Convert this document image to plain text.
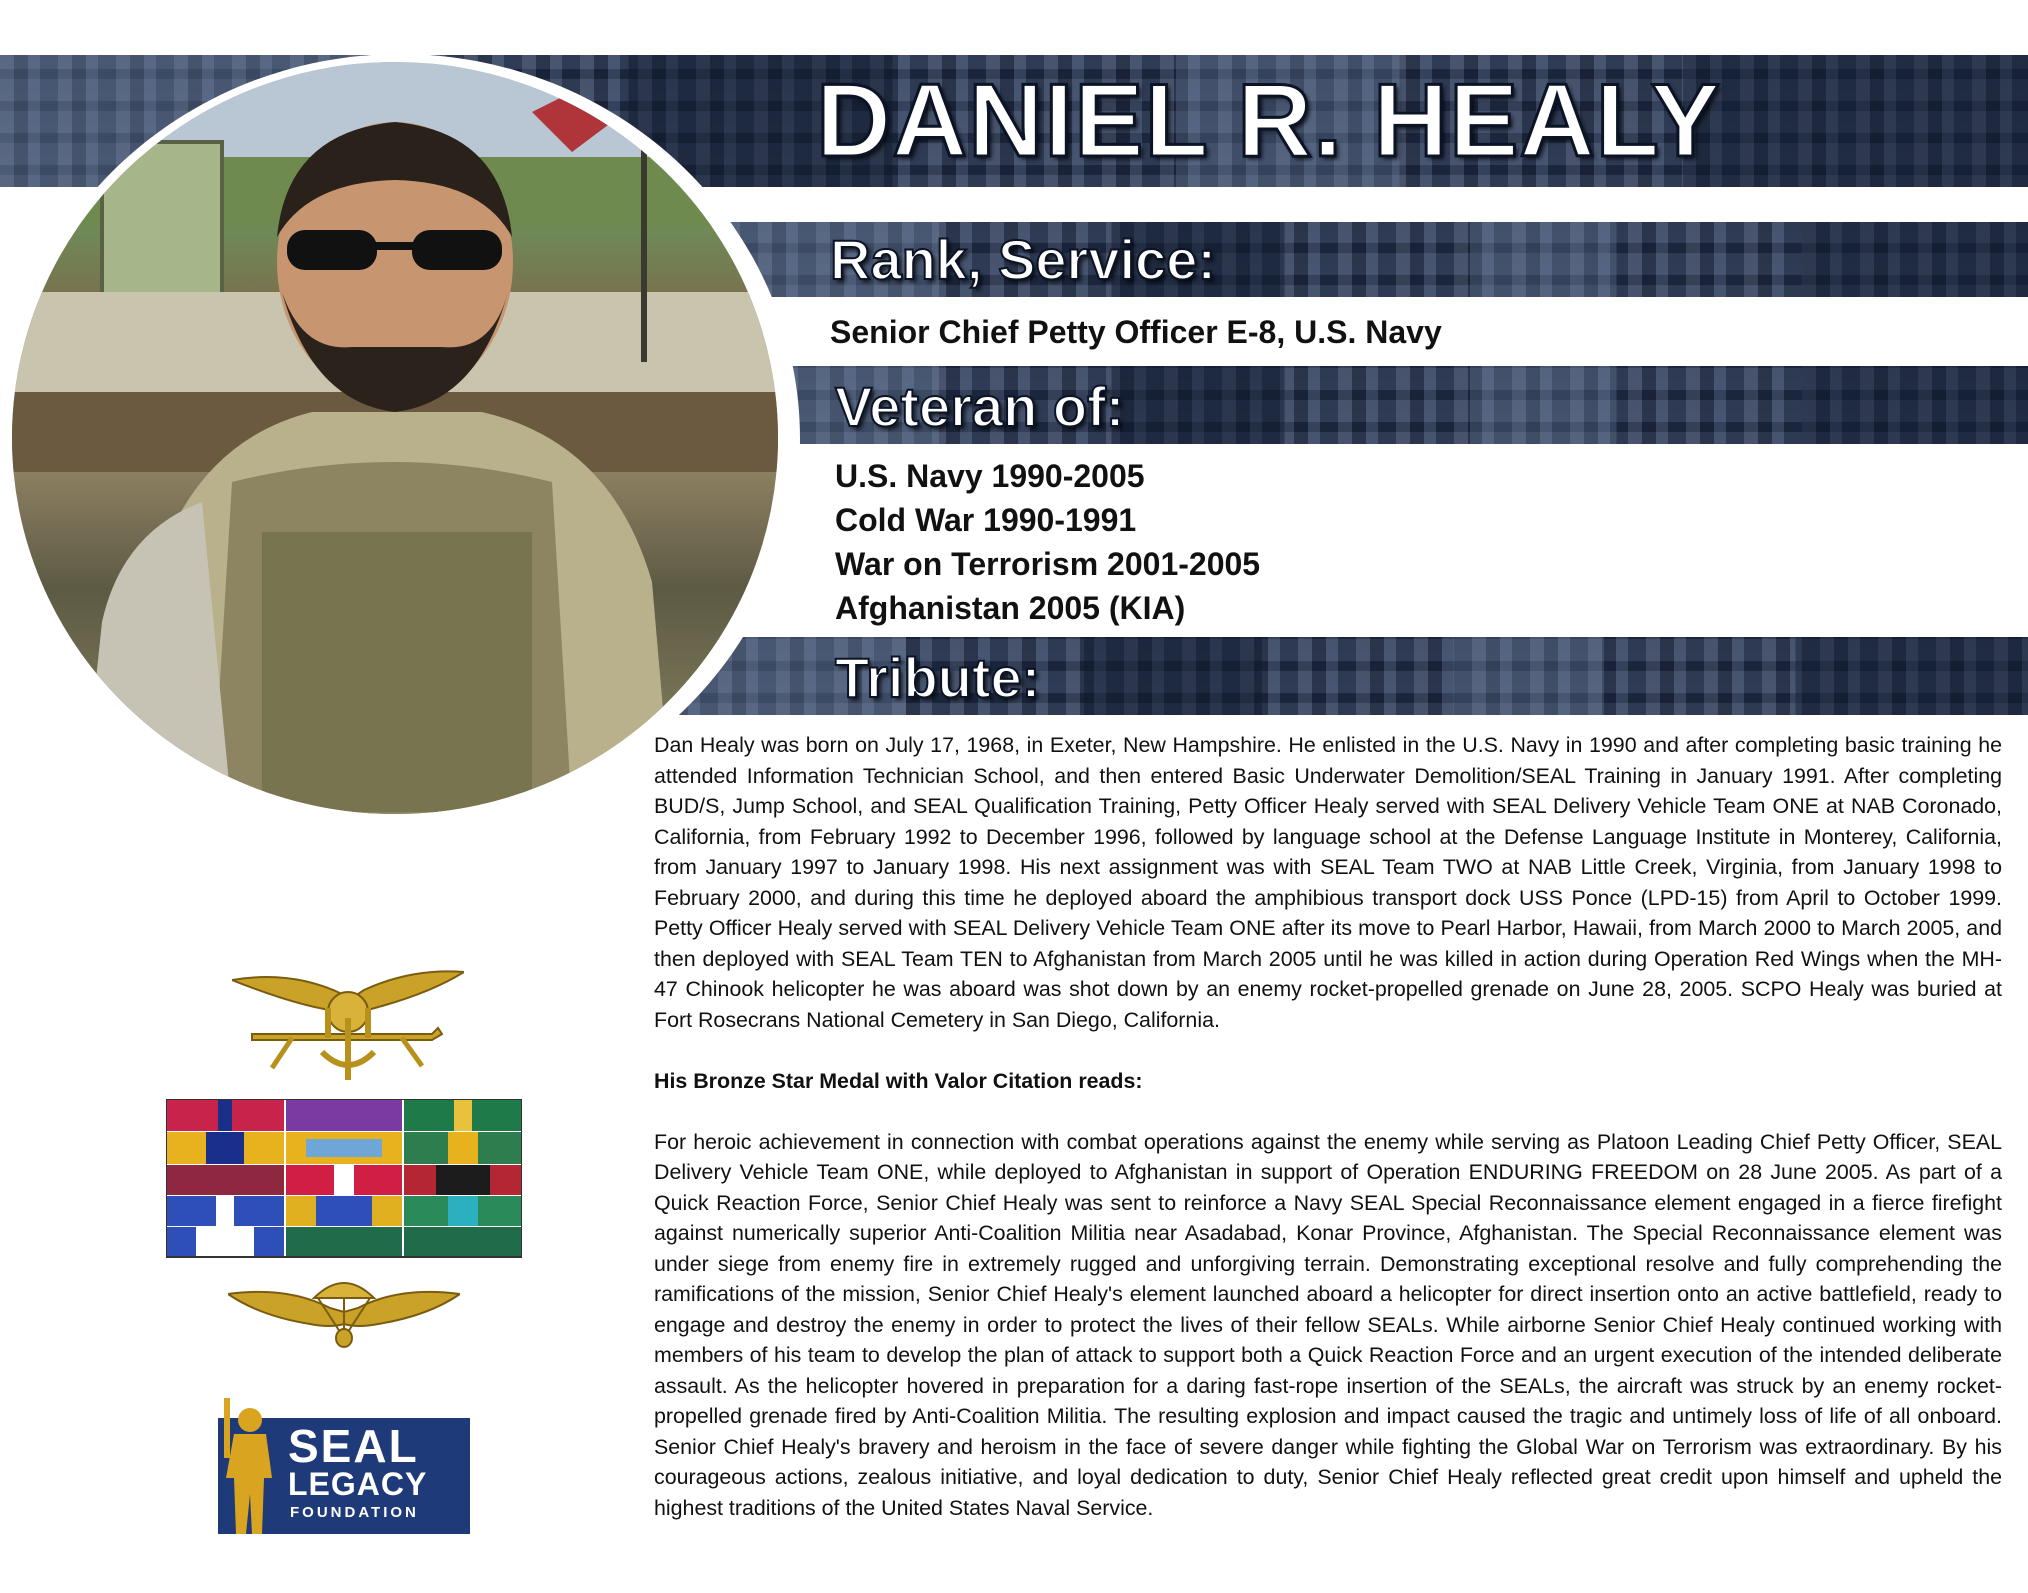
DANIEL R. HEALY
Rank, Service:
Senior Chief Petty Officer E-8, U.S. Navy
Veteran of:
U.S. Navy 1990-2005
Cold War 1990-1991
War on Terrorism 2001-2005
Afghanistan 2005 (KIA)
Tribute:

Dan Healy was born on July 17, 1968, in Exeter, New Hampshire. He enlisted in the U.S. Navy in 1990 and after completing basic training he attended Information Technician School, and then entered Basic Underwater Demolition/SEAL Training in January 1991. After completing BUD/S, Jump School, and SEAL Qualification Training, Petty Officer Healy served with SEAL Delivery Vehicle Team ONE at NAB Coronado, California, from February 1992 to December 1996, followed by language school at the Defense Language Institute in Monterey, California, from January 1997 to January 1998. His next assignment was with SEAL Team TWO at NAB Little Creek, Virginia, from January 1998 to February 2000, and during this time he deployed aboard the amphibious transport dock USS Ponce (LPD-15) from April to October 1999. Petty Officer Healy served with SEAL Delivery Vehicle Team ONE after its move to Pearl Harbor, Hawaii, from March 2000 to March 2005, and then deployed with SEAL Team TEN to Afghanistan from March 2005 until he was killed in action during Operation Red Wings when the MH-47 Chinook helicopter he was aboard was shot down by an enemy rocket-propelled grenade on June 28, 2005. SCPO Healy was buried at Fort Rosecrans National Cemetery in San Diego, California.

His Bronze Star Medal with Valor Citation reads:

For heroic achievement in connection with combat operations against the enemy while serving as Platoon Leading Chief Petty Officer, SEAL Delivery Vehicle Team ONE, while deployed to Afghanistan in support of Operation ENDURING FREEDOM on 28 June 2005. As part of a Quick Reaction Force, Senior Chief Healy was sent to reinforce a Navy SEAL Special Reconnaissance element engaged in a fierce firefight against numerically superior Anti-Coalition Militia near Asadabad, Konar Province, Afghanistan. The Special Reconnaissance element was under siege from enemy fire in extremely rugged and unforgiving terrain. Demonstrating exceptional resolve and fully comprehending the ramifications of the mission, Senior Chief Healy's element launched aboard a helicopter for direct insertion onto an active battlefield, ready to engage and destroy the enemy in order to protect the lives of their fellow SEALs. While airborne Senior Chief Healy continued working with members of his team to develop the plan of attack to support both a Quick Reaction Force and an urgent execution of the intended deliberate assault. As the helicopter hovered in preparation for a daring fast-rope insertion of the SEALs, the aircraft was struck by an enemy rocket-propelled grenade fired by Anti-Coalition Militia. The resulting explosion and impact caused the tragic and untimely loss of life of all onboard. Senior Chief Healy's bravery and heroism in the face of severe danger while fighting the Global War on Terrorism was extraordinary. By his courageous actions, zealous initiative, and loyal dedication to duty, Senior Chief Healy reflected great credit upon himself and upheld the highest traditions of the United States Naval Service.

SEAL
LEGACY
FOUNDATION
